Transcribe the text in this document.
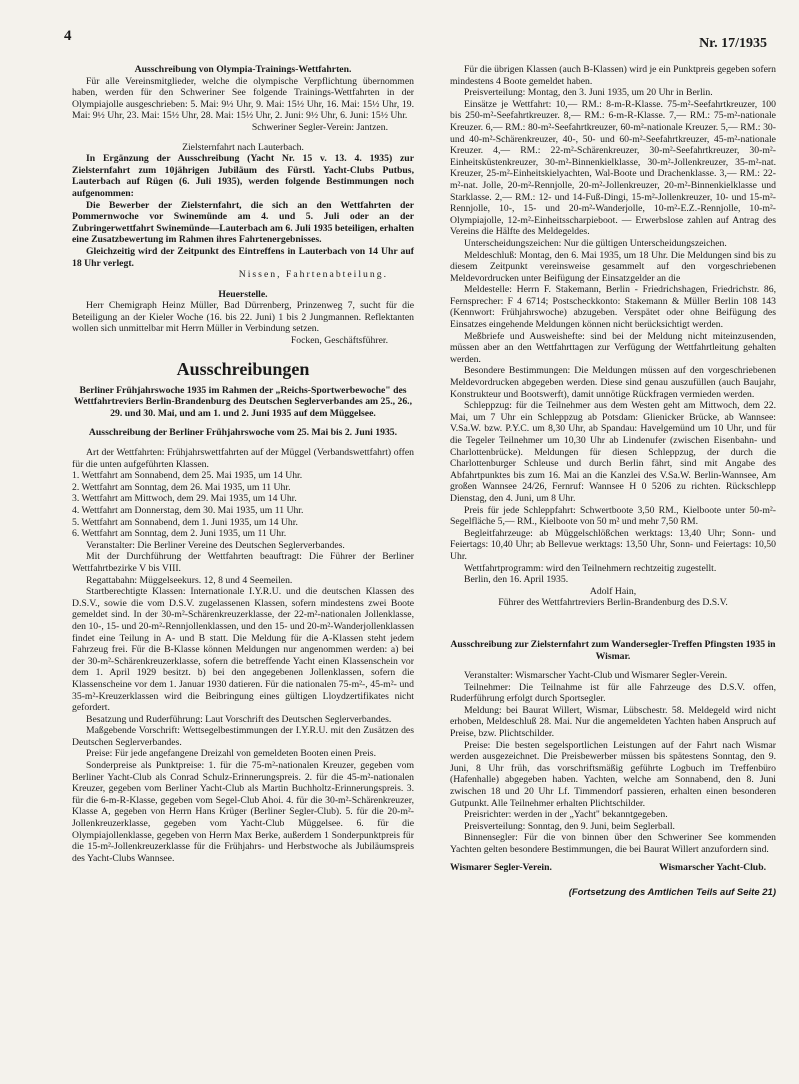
4	Nr. 17/1935

Ausschreibung von Olympia-Trainings-Wettfahrten.

Für alle Vereinsmitglieder, welche die olympische Verpflichtung übernommen haben, werden für den Schweriner See folgende Trainings-Wettfahrten in der Olympiajolle ausgeschrieben: 5. Mai: 9½ Uhr, 9. Mai: 15½ Uhr, 16. Mai: 15½ Uhr, 19. Mai: 9½ Uhr, 23. Mai: 15½ Uhr, 28. Mai: 15½ Uhr, 2. Juni: 9½ Uhr, 6. Juni: 15½ Uhr.

Schweriner Segler-Verein: Jantzen.

Zielsternfahrt nach Lauterbach.

In Ergänzung der Ausschreibung (Yacht Nr. 15 v. 13. 4. 1935) zur Zielsternfahrt zum 10jährigen Jubiläum des Fürstl. Yacht-Clubs Putbus, Lauterbach auf Rügen (6. Juli 1935), werden folgende Bestimmungen noch aufgenommen:

Die Bewerber der Zielsternfahrt, die sich an den Wettfahrten der Pommernwoche vor Swinemünde am 4. und 5. Juli oder an der Zubringerwettfahrt Swinemünde—Lauterbach am 6. Juli 1935 beteiligen, erhalten eine Zusatzbewertung im Rahmen ihres Fahrtenergebnisses.

Gleichzeitig wird der Zeitpunkt des Eintreffens in Lauterbach von 14 Uhr auf 18 Uhr verlegt.

Nissen, Fahrtenabteilung.

Heuerstelle.

Herr Chemigraph Heinz Müller, Bad Dürrenberg, Prinzenweg 7, sucht für die Beteiligung an der Kieler Woche (16. bis 22. Juni) 1 bis 2 Jungmannen. Reflektanten wollen sich unmittelbar mit Herrn Müller in Verbindung setzen.

Focken, Geschäftsführer.

Ausschreibungen

Berliner Frühjahrswoche 1935 im Rahmen der „Reichs-Sportwerbewoche" des Wettfahrtreviers Berlin-Brandenburg des Deutschen Seglerverbandes am 25., 26., 29. und 30. Mai, und am 1. und 2. Juni 1935 auf dem Müggelsee.

Ausschreibung der Berliner Frühjahrswoche vom 25. Mai bis 2. Juni 1935.

Art der Wettfahrten: Frühjahrswettfahrten auf der Müggel (Verbandswettfahrt) offen für die unten aufgeführten Klassen.

1. Wettfahrt am Sonnabend, dem 25. Mai 1935, um 14 Uhr.
2. Wettfahrt am Sonntag, dem 26. Mai 1935, um 11 Uhr.
3. Wettfahrt am Mittwoch, dem 29. Mai 1935, um 14 Uhr.
4. Wettfahrt am Donnerstag, dem 30. Mai 1935, um 11 Uhr.
5. Wettfahrt am Sonnabend, dem 1. Juni 1935, um 14 Uhr.
6. Wettfahrt am Sonntag, dem 2. Juni 1935, um 11 Uhr.

Veranstalter: Die Berliner Vereine des Deutschen Seglerverbandes.

Mit der Durchführung der Wettfahrten beauftragt: Die Führer der Berliner Wettfahrtbezirke V bis VIII.

Regattabahn: Müggelseekurs. 12, 8 und 4 Seemeilen.

Startberechtigte Klassen: Internationale I.Y.R.U. und die deutschen Klassen des D.S.V., sowie die vom D.S.V. zugelassenen Klassen, sofern mindestens zwei Boote gemeldet sind. In der 30-m²-Schärenkreuzerklasse, der 22-m²-nationalen Jollenklasse, den 10-, 15- und 20-m²-Rennjollenklassen, und den 15- und 20-m²-Wanderjollenklassen findet eine Teilung in A- und B statt. Die Meldung für die A-Klassen steht jedem Fahrzeug frei. Für die B-Klasse können Meldungen nur angenommen werden: a) bei der 30-m²-Schärenkreuzerklasse, sofern die betreffende Yacht einen Klassenschein vor dem 1. April 1929 besitzt. b) bei den angegebenen Jollenklassen, sofern die Klassenscheine vor dem 1. Januar 1930 datieren. Für die nationalen 75-m²-, 45-m²- und 35-m²-Kreuzerklassen wird die Beibringung eines gültigen Lloydzertifikates nicht gefordert.

Besatzung und Ruderführung: Laut Vorschrift des Deutschen Seglerverbandes.

Maßgebende Vorschrift: Wettsegelbestimmungen der I.Y.R.U. mit den Zusätzen des Deutschen Seglerverbandes.

Preise: Für jede angefangene Dreizahl von gemeldeten Booten einen Preis.

Sonderpreise als Punktpreise: 1. für die 75-m²-nationalen Kreuzer, gegeben vom Berliner Yacht-Club als Conrad Schulz-Erinnerungspreis. 2. für die 45-m²-nationalen Kreuzer, gegeben vom Berliner Yacht-Club als Martin Buchholtz-Erinnerungspreis. 3. für die 6-m-R-Klasse, gegeben vom Segel-Club Ahoi. 4. für die 30-m²-Schärenkreuzer, Klasse A, gegeben von Herrn Hans Krüger (Berliner Segler-Club). 5. für die 20-m²-Jollenkreuzerklasse, gegeben vom Yacht-Club Müggelsee. 6. für die Olympiajollenklasse, gegeben von Herrn Max Berke, außerdem 1 Sonderpunktpreis für die 15-m²-Jollenkreuzerklasse für die Frühjahrs- und Herbstwoche als Jubiläumspreis des Yacht-Clubs Wannsee.

Für die übrigen Klassen (auch B-Klassen) wird je ein Punktpreis gegeben sofern mindestens 4 Boote gemeldet haben.

Preisverteilung: Montag, den 3. Juni 1935, um 20 Uhr in Berlin.

Einsätze je Wettfahrt: 10,— RM.: 8-m-R-Klasse. 75-m²-Seefahrtkreuzer, 100 bis 250-m²-Seefahrtkreuzer. 8,— RM.: 6-m-R-Klasse. 7,— RM.: 75-m²-nationale Kreuzer. 6,— RM.: 80-m²-Seefahrtkreuzer, 60-m²-nationale Kreuzer. 5,— RM.: 30- und 40-m²-Schärenkreuzer, 40-, 50- und 60-m²-Seefahrtkreuzer, 45-m²-nationale Kreuzer. 4,— RM.: 22-m²-Schärenkreuzer, 30-m²-Seefahrtkreuzer, 30-m²-Einheitsküstenkreuzer, 30-m²-Binnenkielklasse, 30-m²-Jollenkreuzer, 35-m²-nat. Kreuzer, 25-m²-Einheitskielyachten, Wal-Boote und Drachenklasse. 3,— RM.: 22-m²-nat. Jolle, 20-m²-Rennjolle, 20-m²-Jollenkreuzer, 20-m²-Binnenkielklasse und Starklasse. 2,— RM.: 12- und 14-Fuß-Dingi, 15-m²-Jollenkreuzer, 10- und 15-m²-Rennjolle, 10-, 15- und 20-m²-Wanderjolle, 10-m²-E.Z.-Rennjolle, 10-m²-Olympiajolle, 12-m²-Einheitsscharpieboot. — Erwerbslose zahlen auf Antrag des Vereins die Hälfte des Meldegeldes.

Unterscheidungszeichen: Nur die gültigen Unterscheidungszeichen.

Meldeschluß: Montag, den 6. Mai 1935, um 18 Uhr. Die Meldungen sind bis zu diesem Zeitpunkt vereinsweise gesammelt auf den vorgeschriebenen Meldevordrucken unter Beifügung der Einsatzgelder an die

Meldestelle: Herrn F. Stakemann, Berlin - Friedrichshagen, Friedrichstr. 86, Fernsprecher: F 4 6714; Postscheckkonto: Stakemann & Müller Berlin 108 143 (Kennwort: Frühjahrswoche) abzugeben. Verspätet oder ohne Beifügung des Einsatzes eingehende Meldungen können nicht berücksichtigt werden.

Meßbriefe und Ausweishefte: sind bei der Meldung nicht miteinzusenden, müssen aber an den Wettfahrttagen zur Verfügung der Wettfahrtleitung gehalten werden.

Besondere Bestimmungen: Die Meldungen müssen auf den vorgeschriebenen Meldevordrucken abgegeben werden. Diese sind genau auszufüllen (auch Baujahr, Konstrukteur und Bootswerft), damit unnötige Rückfragen vermieden werden.

Schleppzug: für die Teilnehmer aus dem Westen geht am Mittwoch, dem 22. Mai, um 7 Uhr ein Schleppzug ab Potsdam: Glienicker Brücke, ab Wannsee: V.Sa.W. bzw. P.Y.C. um 8,30 Uhr, ab Spandau: Havelgemünd um 10 Uhr, und für die Tegeler Teilnehmer um 10,30 Uhr ab Lindenufer (zwischen Eisenbahn- und Charlottenbrücke). Meldungen für diesen Schleppzug, der durch die Charlottenburger Schleuse und durch Berlin fährt, sind mit Angabe des Abfahrtpunktes bis zum 16. Mai an die Kanzlei des V.Sa.W. Berlin-Wannsee, Am großen Wannsee 24/26, Fernruf: Wannsee H 0 5206 zu richten. Rückschlepp Dienstag, den 4. Juni, um 8 Uhr.

Preis für jede Schleppfahrt: Schwertboote 3,50 RM., Kielboote unter 50-m²-Segelfläche 5,— RM., Kielboote von 50 m² und mehr 7,50 RM.

Begleitfahrzeuge: ab Müggelschlößchen werktags: 13,40 Uhr; Sonn- und Feiertags: 10,40 Uhr; ab Bellevue werktags: 13,50 Uhr, Sonn- und Feiertags: 10,50 Uhr.

Wettfahrtprogramm: wird den Teilnehmern rechtzeitig zugestellt.

Berlin, den 16. April 1935.

Adolf Hain,

Führer des Wettfahrtreviers Berlin-Brandenburg des D.S.V.

Ausschreibung zur Zielsternfahrt zum Wandersegler-Treffen Pfingsten 1935 in Wismar.

Veranstalter: Wismarscher Yacht-Club und Wismarer Segler-Verein.

Teilnehmer: Die Teilnahme ist für alle Fahrzeuge des D.S.V. offen, Ruderführung erfolgt durch Sportsegler.

Meldung: bei Baurat Willert, Wismar, Lübschestr. 58. Meldegeld wird nicht erhoben, Meldeschluß 28. Mai. Nur die angemeldeten Yachten haben Anspruch auf Preise, bzw. Plichtschilder.

Preise: Die besten segelsportlichen Leistungen auf der Fahrt nach Wismar werden ausgezeichnet. Die Preisbewerber müssen bis spätestens Sonntag, den 9. Juni, 8 Uhr früh, das vorschriftsmäßig geführte Logbuch im Treffenbüro (Hafenhalle) abgegeben haben. Yachten, welche am Sonnabend, den 8. Juni zwischen 18 und 20 Uhr Lf. Timmendorf passieren, erhalten einen besonderen Gutpunkt. Alle Teilnehmer erhalten Plichtschilder.

Preisrichter: werden in der „Yacht" bekanntgegeben.

Preisverteilung: Sonntag, den 9. Juni, beim Seglerball.

Binnensegler: Für die von binnen über den Schweriner See kommenden Yachten gelten besondere Bestimmungen, die bei Baurat Willert anzufordern sind.

Wismarer Segler-Verein.	Wismarscher Yacht-Club.

(Fortsetzung des Amtlichen Teils auf Seite 21)
